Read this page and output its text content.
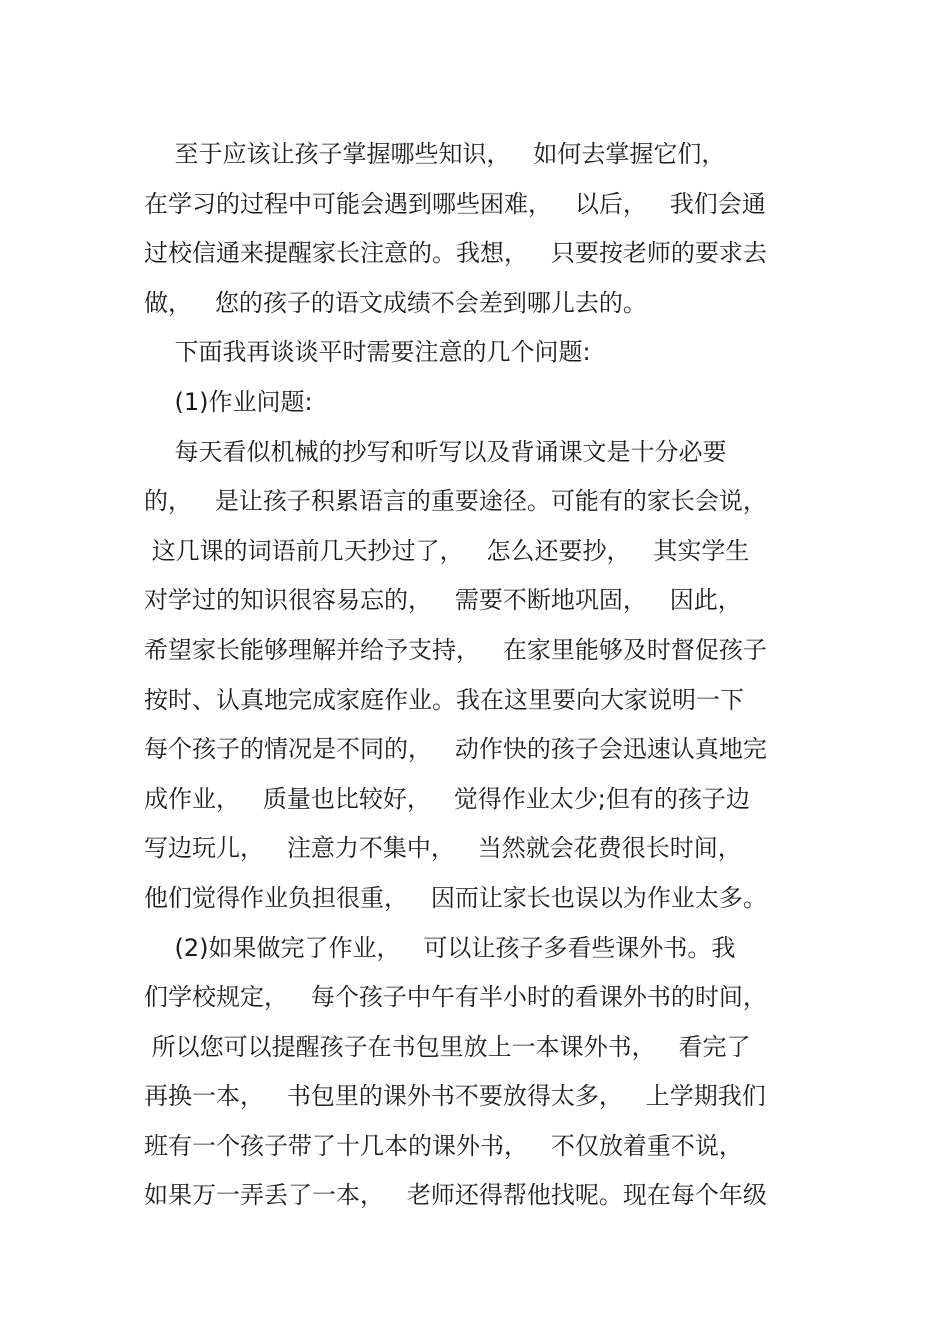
至于应该让孩子掌握哪些知识，   如何去掌握它们，
在学习的过程中可能会遇到哪些困难，   以后，   我们会通
过校信通来提醒家长注意的。我想，   只要按老师的要求去
做，   您的孩子的语文成绩不会差到哪儿去的。
下面我再谈谈平时需要注意的几个问题:
(1)作业问题:
每天看似机械的抄写和听写以及背诵课文是十分必要
的，   是让孩子积累语言的重要途径。可能有的家长会说，
这几课的词语前几天抄过了，   怎么还要抄，   其实学生
对学过的知识很容易忘的，   需要不断地巩固，   因此，
希望家长能够理解并给予支持，   在家里能够及时督促孩子
按时、认真地完成家庭作业。我在这里要向大家说明一下
每个孩子的情况是不同的，   动作快的孩子会迅速认真地完
成作业，   质量也比较好，   觉得作业太少;但有的孩子边
写边玩儿，   注意力不集中，   当然就会花费很长时间，
他们觉得作业负担很重，   因而让家长也误以为作业太多。
(2)如果做完了作业，   可以让孩子多看些课外书。我
们学校规定，   每个孩子中午有半小时的看课外书的时间，
所以您可以提醒孩子在书包里放上一本课外书，   看完了
再换一本，   书包里的课外书不要放得太多，   上学期我们
班有一个孩子带了十几本的课外书，   不仅放着重不说，
如果万一弄丢了一本，   老师还得帮他找呢。现在每个年级
